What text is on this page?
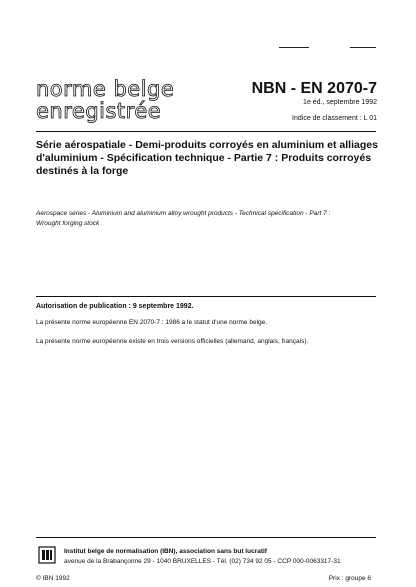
norme belge
enregistrée
NBN - EN 2070-7
1e éd., septembre 1992
Indice de classement : L 01
Série aérospatiale - Demi-produits corroyés en aluminium et alliages d'aluminium - Spécification technique - Partie 7 : Produits corroyés destinés à la forge
Aerospace series - Aluminium and aluminium alloy wrought products - Technical specification - Part 7 : Wrought forging stock
Autorisation de publication : 9 septembre 1992.
La présente norme européenne EN 2070-7 : 1986 a le statut d'une norme belge.
La présente norme européenne existe en trois versions officielles (allemand, anglais, français).
Institut belge de normalisation (IBN), association sans but lucratif
avenue de la Brabançonne 29 - 1040 BRUXELLES - Tél. (02) 734 92 05 - CCP 000-0063317-31
© IBN 1992	Prix : groupe 6
